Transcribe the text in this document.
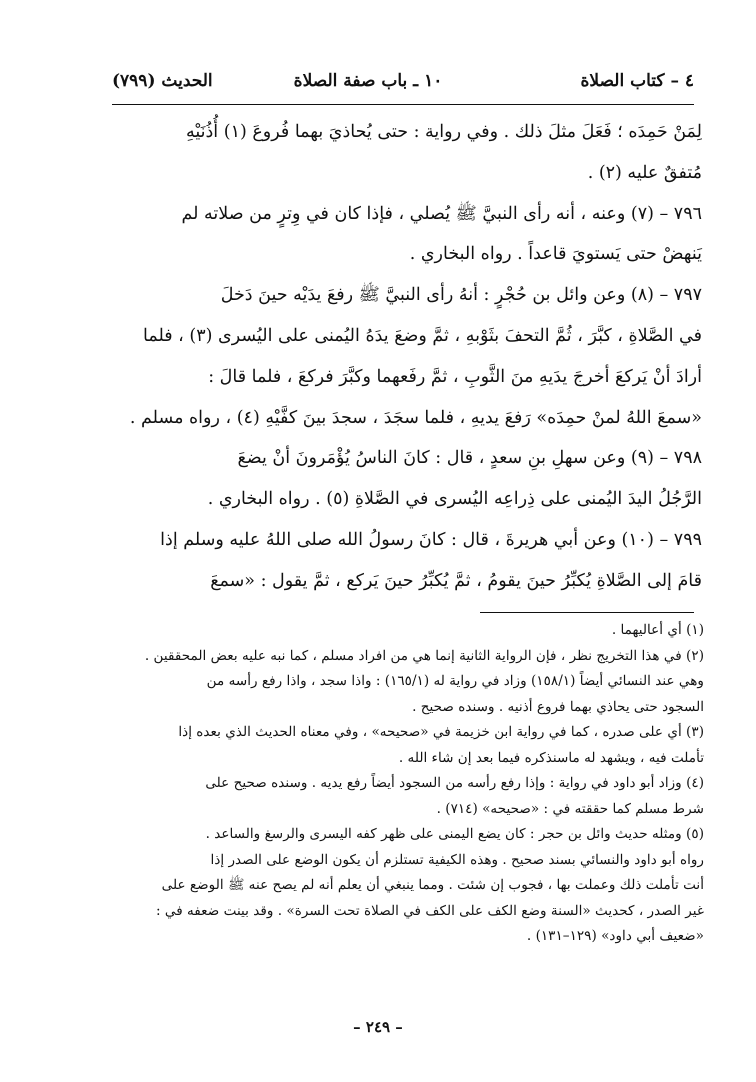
٤ – كتاب الصلاة
١٠ ـ باب صفة الصلاة
الحديث (٧٩٩)

لِمَنْ حَمِدَه ؛ فَعَلَ مثلَ ذلك . وفي رواية : حتى يُحاذيَ بهما فُروعَ (١) أُذُنَيْهِ

مُتفقٌ عليه (٢) .

٧٩٦ – (٧) وعنه ، أنه رأى النبيَّ ﷺ يُصلي ، فإذا كان في وِترٍ من صلاته لم

يَنهضْ حتى يَستويَ قاعداً . رواه البخاري .

٧٩٧ – (٨) وعن وائل بن حُجْرٍ : أنهُ رأى النبيَّ ﷺ رفعَ يدَيْه حينَ دَخلَ

في الصَّلاةِ ، كبَّرَ ، ثُمَّ التحفَ بثَوْبهِ ، ثمَّ وضعَ يدَهُ اليُمنى على اليُسرى (٣) ، فلما

أرادَ أنْ يَركعَ أخرجَ يدَيهِ منَ الثَّوبِ ، ثمَّ رفَعهما وكبَّرَ فركعَ ، فلما قالَ :

«سمعَ اللهُ لمنْ حمِدَه» رَفعَ يديهِ ، فلما سجَدَ ، سجدَ بينَ كفَّيْهِ (٤) ، رواه مسلم .

٧٩٨ – (٩) وعن سهلِ بنِ سعدٍ ، قال : كانَ الناسُ يُؤْمَرونَ أنْ يضعَ

الرَّجُلُ اليدَ اليُمنى على ذِراعِه اليُسرى في الصَّلاةِ (٥) . رواه البخاري .

٧٩٩ – (١٠) وعن أبي هريرةَ ، قال : كانَ رسولُ الله صلى اللهُ عليه وسلم إذا

قامَ إلى الصَّلاةِ يُكبِّرُ حينَ يقومُ ، ثمَّ يُكبِّرُ حينَ يَركع ، ثمَّ يقول : «سمعَ

(١) أي أعاليهما .

(٢) في هذا التخريج نظر ، فإن الرواية الثانية إنما هي من افراد مسلم ، كما نبه عليه بعض المحققين .

وهي عند النسائي أيضاً (١٥٨/١) وزاد في رواية له (١٦٥/١) : واذا سجد ، واذا رفع رأسه من

السجود حتى يحاذي بهما فروع أذنيه . وسنده صحيح .

(٣) أي على صدره ، كما في رواية ابن خزيمة في «صحيحه» ، وفي معناه الحديث الذي بعده إذا

تأملت فيه ، ويشهد له ماسنذكره فيما بعد إن شاء الله .

(٤) وزاد أبو داود في رواية : وإذا رفع رأسه من السجود أيضاً رفع يديه . وسنده صحيح على

شرط مسلم كما حققته في : «صحيحه» (٧١٤) .

(٥) ومثله حديث وائل بن حجر : كان يضع اليمنى على ظهر كفه اليسرى والرسغ والساعد .

رواه أبو داود والنسائي بسند صحيح . وهذه الكيفية تستلزم أن يكون الوضع على الصدر إذا

أنت تأملت ذلك وعملت بها ، فجوب إن شئت . ومما ينبغي أن يعلم أنه لم يصح عنه ﷺ الوضع على

غير الصدر ، كحديث «السنة وضع الكف على الكف في الصلاة تحت السرة» . وقد بينت ضعفه في :

«ضعيف أبي داود» (١٢٩–١٣١) .

– ٢٤٩ –
